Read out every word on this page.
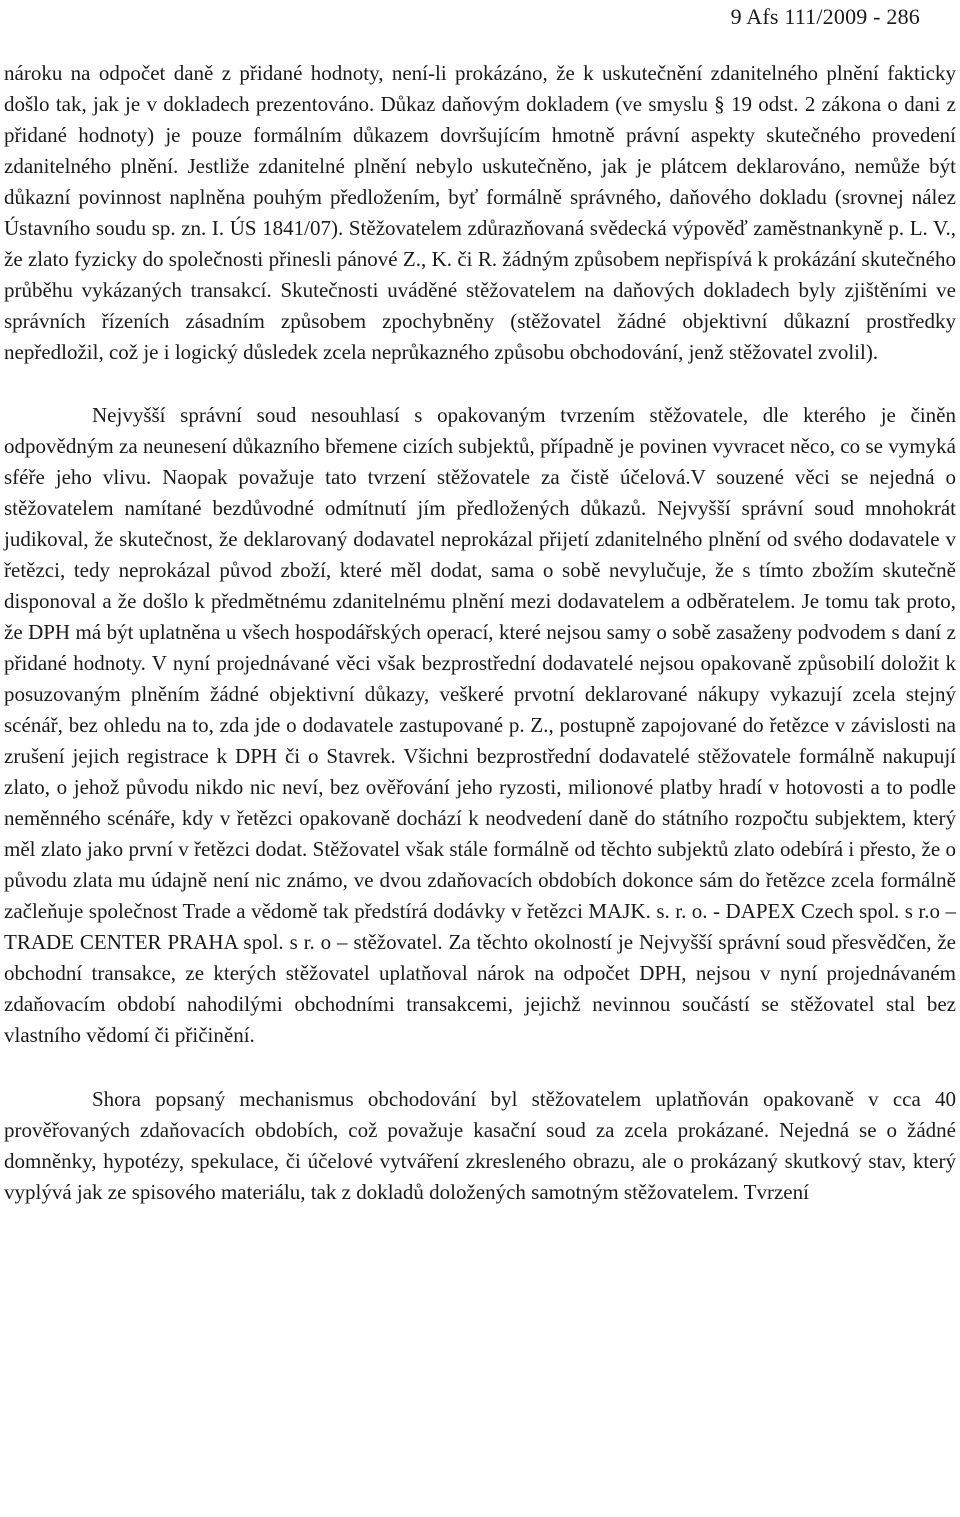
9 Afs 111/2009 - 286

nároku na odpočet daně z přidané hodnoty, není-li prokázáno, že k uskutečnění zdanitelného plnění fakticky došlo tak, jak je v dokladech prezentováno. Důkaz daňovým dokladem (ve smyslu § 19 odst. 2 zákona o dani z přidané hodnoty) je pouze formálním důkazem dovršujícím hmotně právní aspekty skutečného provedení zdanitelného plnění. Jestliže zdanitelné plnění nebylo uskutečněno, jak je plátcem deklarováno, nemůže být důkazní povinnost naplněna pouhým předložením, byť formálně správného, daňového dokladu (srovnej nález Ústavního soudu sp. zn. I. ÚS 1841/07). Stěžovatelem zdůrazňovaná svědecká výpověď zaměstnankyně p. L. V., že zlato fyzicky do společnosti přinesli pánové Z., K. či R. žádným způsobem nepřispívá k prokázání skutečného průběhu vykázaných transakcí. Skutečnosti uváděné stěžovatelem na daňových dokladech byly zjištěními ve správních řízeních zásadním způsobem zpochybněny (stěžovatel žádné objektivní důkazní prostředky nepředložil, což je i logický důsledek zcela neprůkazného způsobu obchodování, jenž stěžovatel zvolil).

Nejvyšší správní soud nesouhlasí s opakovaným tvrzením stěžovatele, dle kterého je činěn odpovědným za neunesení důkazního břemene cizích subjektů, případně je povinen vyvracet něco, co se vymyká sféře jeho vlivu. Naopak považuje tato tvrzení stěžovatele za čistě účelová.V souzené věci se nejedná o stěžovatelem namítané bezdůvodné odmítnutí jím předložených důkazů. Nejvyšší správní soud mnohokrát judikoval, že skutečnost, že deklarovaný dodavatel neprokázal přijetí zdanitelného plnění od svého dodavatele v řetězci, tedy neprokázal původ zboží, které měl dodat, sama o sobě nevylučuje, že s tímto zbožím skutečně disponoval a že došlo k předmětnému zdanitelnému plnění mezi dodavatelem a odběratelem. Je tomu tak proto, že DPH má být uplatněna u všech hospodářských operací, které nejsou samy o sobě zasaženy podvodem s daní z přidané hodnoty. V nyní projednávané věci však bezprostřední dodavatelé nejsou opakovaně způsobilí doložit k posuzovaným plněním žádné objektivní důkazy, veškeré prvotní deklarované nákupy vykazují zcela stejný scénář, bez ohledu na to, zda jde o dodavatele zastupované p. Z., postupně zapojované do řetězce v závislosti na zrušení jejich registrace k DPH či o Stavrek. Všichni bezprostřední dodavatelé stěžovatele formálně nakupují zlato, o jehož původu nikdo nic neví, bez ověřování jeho ryzosti, milionové platby hradí v hotovosti a to podle neměnného scénáře, kdy v řetězci opakovaně dochází k neodvedení daně do státního rozpočtu subjektem, který měl zlato jako první v řetězci dodat. Stěžovatel však stále formálně od těchto subjektů zlato odebírá i přesto, že o původu zlata mu údajně není nic známo, ve dvou zdaňovacích obdobích dokonce sám do řetězce zcela formálně začleňuje společnost Trade a vědomě tak předstírá dodávky v řetězci MAJK. s. r. o. - DAPEX Czech spol. s r.o – TRADE CENTER PRAHA spol. s r. o – stěžovatel. Za těchto okolností je Nejvyšší správní soud přesvědčen, že obchodní transakce, ze kterých stěžovatel uplatňoval nárok na odpočet DPH, nejsou v nyní projednávaném zdaňovacím období nahodilými obchodními transakcemi, jejichž nevinnou součástí se stěžovatel stal bez vlastního vědomí či přičinění.

Shora popsaný mechanismus obchodování byl stěžovatelem uplatňován opakovaně v cca 40 prověřovaných zdaňovacích obdobích, což považuje kasační soud za zcela prokázané. Nejedná se o žádné domněnky, hypotézy, spekulace, či účelové vytváření zkresleného obrazu, ale o prokázaný skutkový stav, který vyplývá jak ze spisového materiálu, tak z dokladů doložených samotným stěžovatelem. Tvrzení
